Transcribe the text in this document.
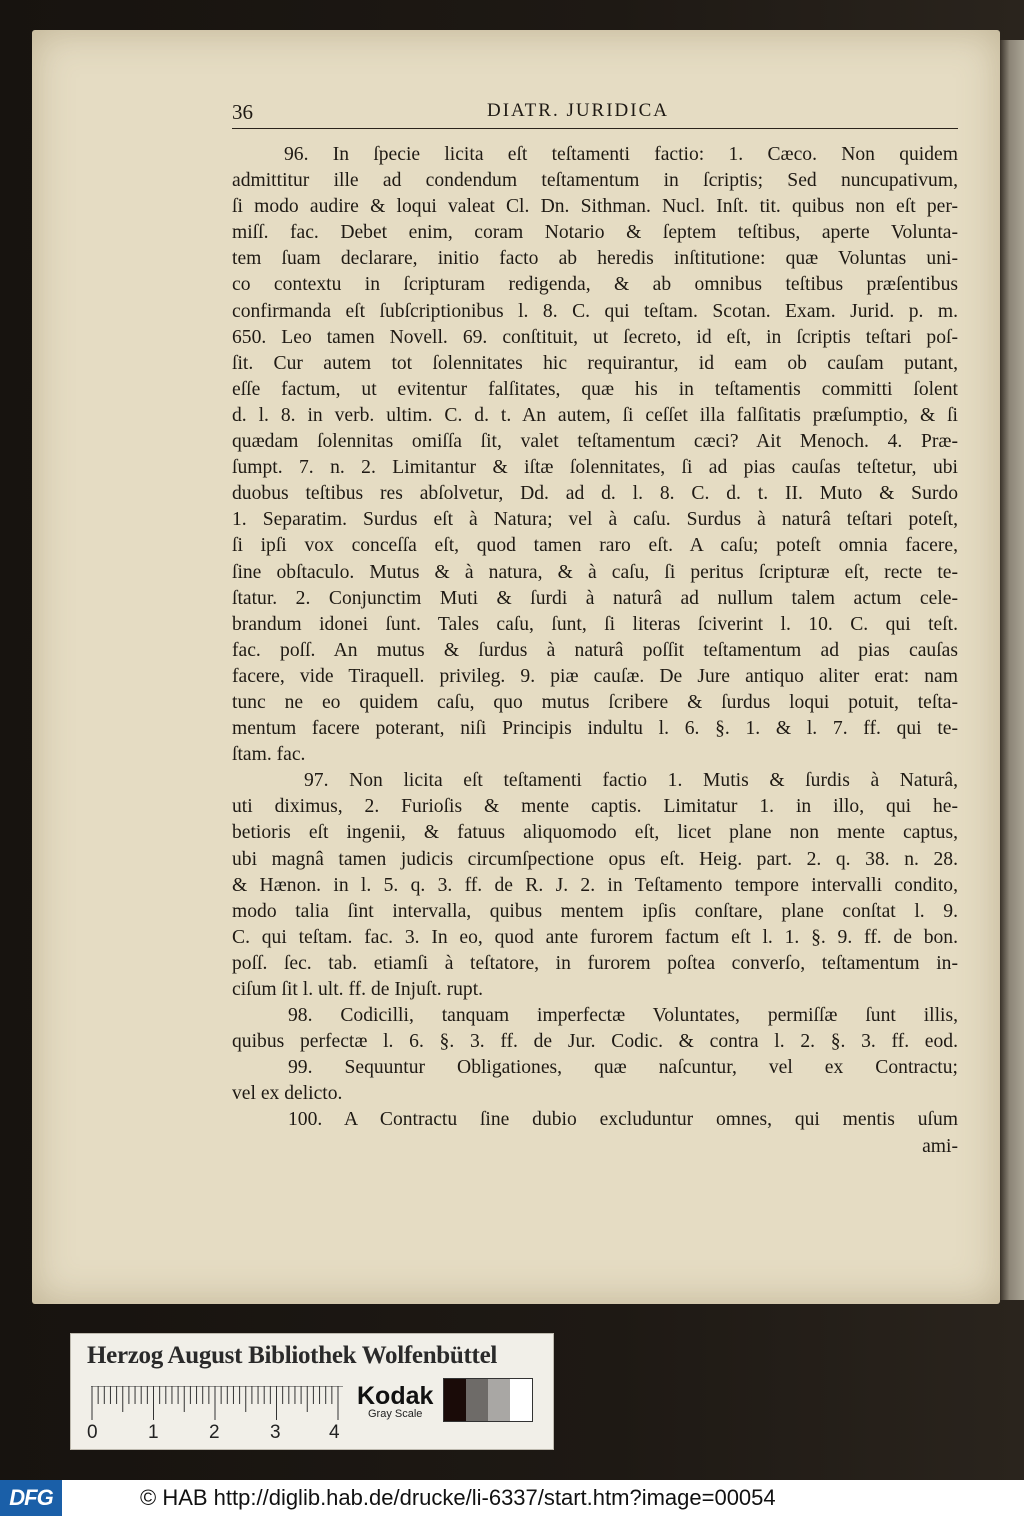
36	DIATR. JURIDICA
96. In ſpecie licita eſt teſtamenti factio: 1. Cæco. Non quidem
admittitur ille ad condendum teſtamentum in ſcriptis; Sed nuncupativum,
ſi modo audire & loqui valeat Cl. Dn. Sithman. Nucl. Inſt. tit. quibus non eſt per-
miſſ. fac. Debet enim, coram Notario & ſeptem teſtibus, aperte Volunta-
tem ſuam declarare, initio facto ab heredis inſtitutione: quæ Voluntas uni-
co contextu in ſcripturam redigenda, & ab omnibus teſtibus præſentibus
confirmanda eſt ſubſcriptionibus l. 8. C. qui teſtam. Scotan. Exam. Jurid. p. m.
650. Leo tamen Novell. 69. conſtituit, ut ſecreto, id eſt, in ſcriptis teſtari poſ-
ſit. Cur autem tot ſolennitates hic requirantur, id eam ob cauſam putant,
eſſe factum, ut evitentur falſitates, quæ his in teſtamentis committi ſolent
d. l. 8. in verb. ultim. C. d. t. An autem, ſi ceſſet illa falſitatis præſumptio, & ſi
quædam ſolennitas omiſſa ſit, valet teſtamentum cæci? Ait Menoch. 4. Præ-
ſumpt. 7. n. 2. Limitantur & iſtæ ſolennitates, ſi ad pias cauſas teſtetur, ubi
duobus teſtibus res abſolvetur, Dd. ad d. l. 8. C. d. t. II. Muto & Surdo
1. Separatim. Surdus eſt à Natura; vel à caſu. Surdus à naturâ teſtari poteſt,
ſi ipſi vox conceſſa eſt, quod tamen raro eſt. A caſu; poteſt omnia facere,
ſine obſtaculo. Mutus & à natura, & à caſu, ſi peritus ſcripturæ eſt, recte te-
ſtatur. 2. Conjunctim Muti & ſurdi à naturâ ad nullum talem actum cele-
brandum idonei ſunt. Tales caſu, ſunt, ſi literas ſciverint l. 10. C. qui teſt.
fac. poſſ. An mutus & ſurdus à naturâ poſſit teſtamentum ad pias cauſas
facere, vide Tiraquell. privileg. 9. piæ cauſæ. De Jure antiquo aliter erat: nam
tunc ne eo quidem caſu, quo mutus ſcribere & ſurdus loqui potuit, teſta-
mentum facere poterant, niſi Principis indultu l. 6. §. 1. & l. 7. ff. qui te-
ſtam. fac.
97. Non licita eſt teſtamenti factio 1. Mutis & ſurdis à Naturâ,
uti diximus, 2. Furioſis & mente captis. Limitatur 1. in illo, qui he-
betioris eſt ingenii, & fatuus aliquomodo eſt, licet plane non mente captus,
ubi magnâ tamen judicis circumſpectione opus eſt. Heig. part. 2. q. 38. n. 28.
& Hænon. in l. 5. q. 3. ff. de R. J. 2. in Teſtamento tempore intervalli condito,
modo talia ſint intervalla, quibus mentem ipſis conſtare, plane conſtat l. 9.
C. qui teſtam. fac. 3. In eo, quod ante furorem factum eſt l. 1. §. 9. ff. de bon.
poſſ. ſec. tab. etiamſi à teſtatore, in furorem poſtea converſo, teſtamentum in-
ciſum ſit l. ult. ff. de Injuſt. rupt.
98. Codicilli, tanquam imperfectæ Voluntates, permiſſæ ſunt illis,
quibus perfectæ l. 6. §. 3. ff. de Jur. Codic. & contra l. 2. §. 3. ff. eod.
99. Sequuntur Obligationes, quæ naſcuntur, vel ex Contractu;
vel ex delicto.
100. A Contractu ſine dubio excluduntur omnes, qui mentis uſum
ami-
Herzog August Bibliothek Wolfenbüttel
0	1	2	3	4
Kodak
Gray Scale
DFG	© HAB http://diglib.hab.de/drucke/li-6337/start.htm?image=00054
